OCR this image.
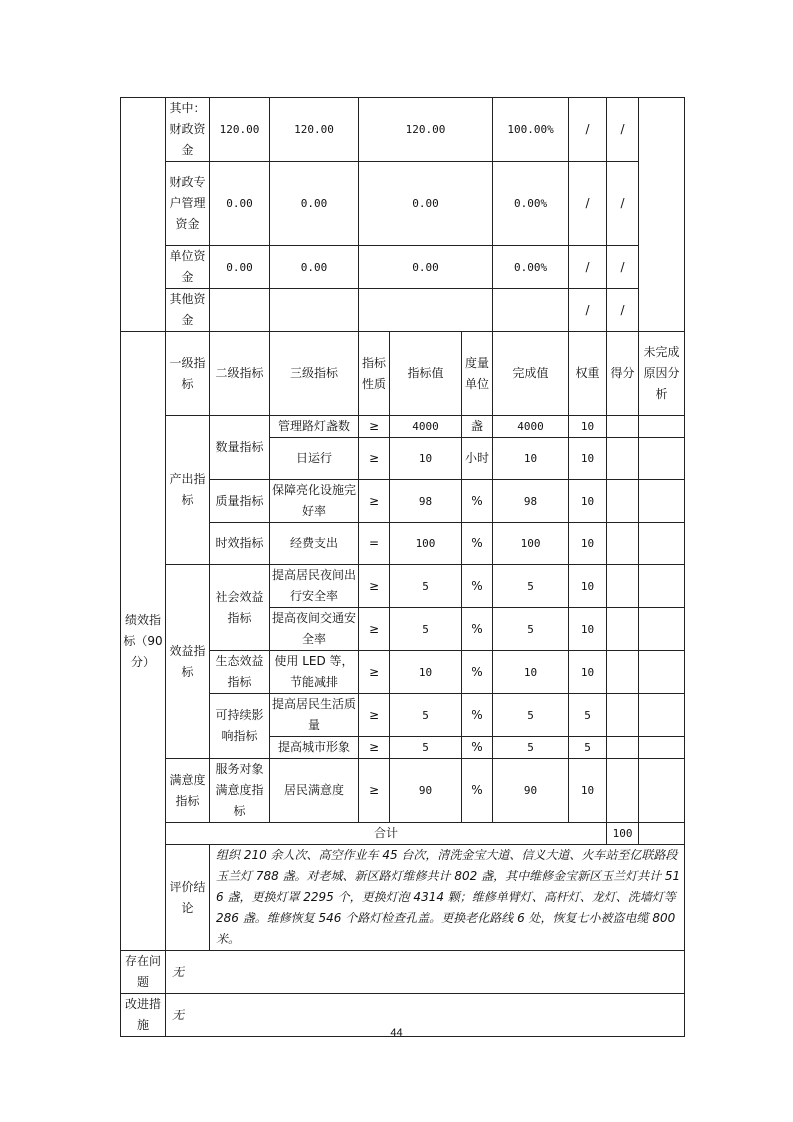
	其中：财政资金	120.00	120.00	120.00			100.00%	/	/		
	财政专户管理资金	0.00	0.00	0.00			0.00%	/	/		
	单位资金	0.00	0.00	0.00			0.00%	/	/		
	其他资金							/	/		
绩效指标（90分）	一级指标	二级指标	三级指标	指标性质	指标值	度量单位	完成值	权重	得分	未完成原因分析	
	产出指标	数量指标	管理路灯盏数	≥	4000	盏	4000	10			
			日运行	≥	10	小时	10	10			
		质量指标	保障亮化设施完好率	≥	98	%	98	10			
		时效指标	经费支出	=	100	%	100	10			
	效益指标	社会效益指标	提高居民夜间出行安全率	≥	5	%	5	10			
			提高夜间交通安全率	≥	5	%	5	10			
		生态效益指标	使用 LED 等，节能减排	≥	10	%	10	10			
		可持续影响指标	提高居民生活质量	≥	5	%	5	5			
			提高城市形象	≥	5	%	5	5			
	满意度指标	服务对象满意度指标	居民满意度	≥	90	%	90	10			
	合计								100		
	评价结论	组织 210 余人次、高空作业车 45 台次，清洗金宝大道、信义大道、火车站至亿联路段玉兰灯 788 盏。对老城、新区路灯维修共计 802 盏，其中维修金宝新区玉兰灯共计 516 盏，更换灯罩 2295 个，更换灯泡 4314 颗；维修单臂灯、高杆灯、龙灯、洗墙灯等 286 盏。维修恢复 546 个路灯检查孔盖。更换老化路线 6 处，恢复七小被盗电缆 800 米。									
存在问题	无										
改进措施	无										
44
